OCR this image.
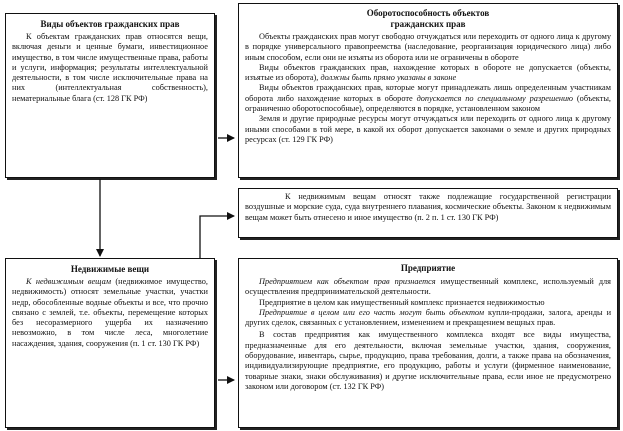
Виды объектов гражданских прав

К объектам гражданских прав относятся вещи, включая деньги и ценные бумаги, инвестиционное имущество, в том числе имущественные права, работы и услуги, информация; результаты интеллектуальной деятельности, в том числе исключительные права на них (интеллектуальная собственность), нематериальные блага (ст. 128 ГК РФ)

Оборотоспособность объектов
гражданских прав

Объекты гражданских прав могут свободно отчуждаться или переходить от одного лица к другому в порядке универсального правопреемства (наследование, реорганизация юридического лица) либо иным способом, если они не изъяты из оборота или не ограничены в обороте

Виды объектов гражданских прав, нахождение которых в обороте не допускается (объекты, изъятые из оборота), должны быть прямо указаны в законе

Виды объектов гражданских прав, которые могут принадлежать лишь определенным участникам оборота либо нахождение которых в обороте допускается по специальному разрешению (объекты, ограниченно оборотоспособные), определяются в порядке, установленном законом

Земля и другие природные ресурсы могут отчуждаться или переходить от одного лица к другому иными способами в той мере, в какой их оборот допускается законами о земле и других природных ресурсах (ст. 129 ГК РФ)

К недвижимым вещам относят также подлежащие государственной регистрации воздушные и морские суда, суда внутреннего плавания, космические объекты. Законом к недвижимым вещам может быть отнесено и иное имущество (п. 2 п. 1 ст. 130 ГК РФ)

Недвижимые вещи

К недвижимым вещам (недвижимое имущество, недвижимость) относят земельные участки, участки недр, обособленные водные объекты и все, что прочно связано с землей, т.е. объекты, перемещение которых без несоразмерного ущерба их назначению невозможно, в том числе леса, многолетние насаждения, здания, сооружения (п. 1 ст. 130 ГК РФ)

Предприятие

Предприятием как объектом прав признается имущественный комплекс, используемый для осуществления предпринимательской деятельности.

Предприятие в целом как имущественный комплекс признается недвижимостью

Предприятие в целом или его часть могут быть объектом купли-продажи, залога, аренды и других сделок, связанных с установлением, изменением и прекращением вещных прав.

В состав предприятия как имущественного комплекса входят все виды имущества, предназначенные для его деятельности, включая земельные участки, здания, сооружения, оборудование, инвентарь, сырье, продукцию, права требования, долги, а также права на обозначения, индивидуализирующие предприятие, его продукцию, работы и услуги (фирменное наименование, товарные знаки, знаки обслуживания) и другие исключительные права, если иное не предусмотрено законом или договором (ст. 132 ГК РФ)
